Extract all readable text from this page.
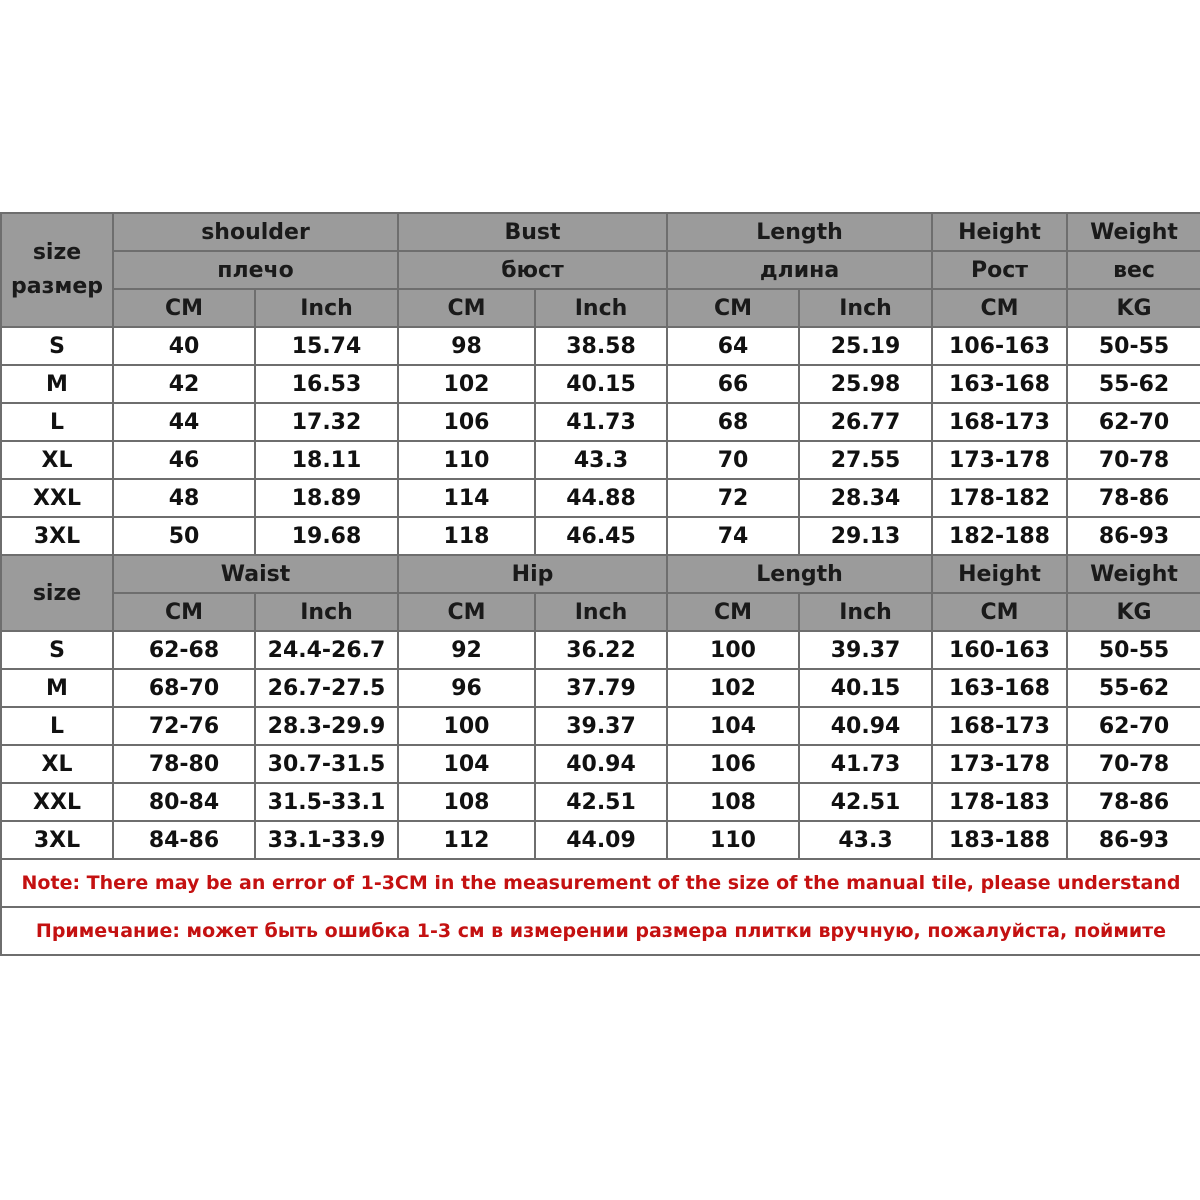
size
размер	shoulder		Bust		Length		Height	Weight
	плечо		бюст		длина		Рост	вес
	CM	Inch	CM	Inch	CM	Inch	CM	KG
S	40	15.74	98	38.58	64	25.19	106-163	50-55
M	42	16.53	102	40.15	66	25.98	163-168	55-62
L	44	17.32	106	41.73	68	26.77	168-173	62-70
XL	46	18.11	110	43.3	70	27.55	173-178	70-78
XXL	48	18.89	114	44.88	72	28.34	178-182	78-86
3XL	50	19.68	118	46.45	74	29.13	182-188	86-93
size	Waist		Hip		Length		Height	Weight
	CM	Inch	CM	Inch	CM	Inch	CM	KG
S	62-68	24.4-26.7	92	36.22	100	39.37	160-163	50-55
M	68-70	26.7-27.5	96	37.79	102	40.15	163-168	55-62
L	72-76	28.3-29.9	100	39.37	104	40.94	168-173	62-70
XL	78-80	30.7-31.5	104	40.94	106	41.73	173-178	70-78
XXL	80-84	31.5-33.1	108	42.51	108	42.51	178-183	78-86
3XL	84-86	33.1-33.9	112	44.09	110	43.3	183-188	86-93
Note: There may be an error of 1-3CM in the measurement of the size of the manual tile, please understand								
Примечание: может быть ошибка 1-3 см в измерении размера плитки вручную, пожалуйста, поймите								
